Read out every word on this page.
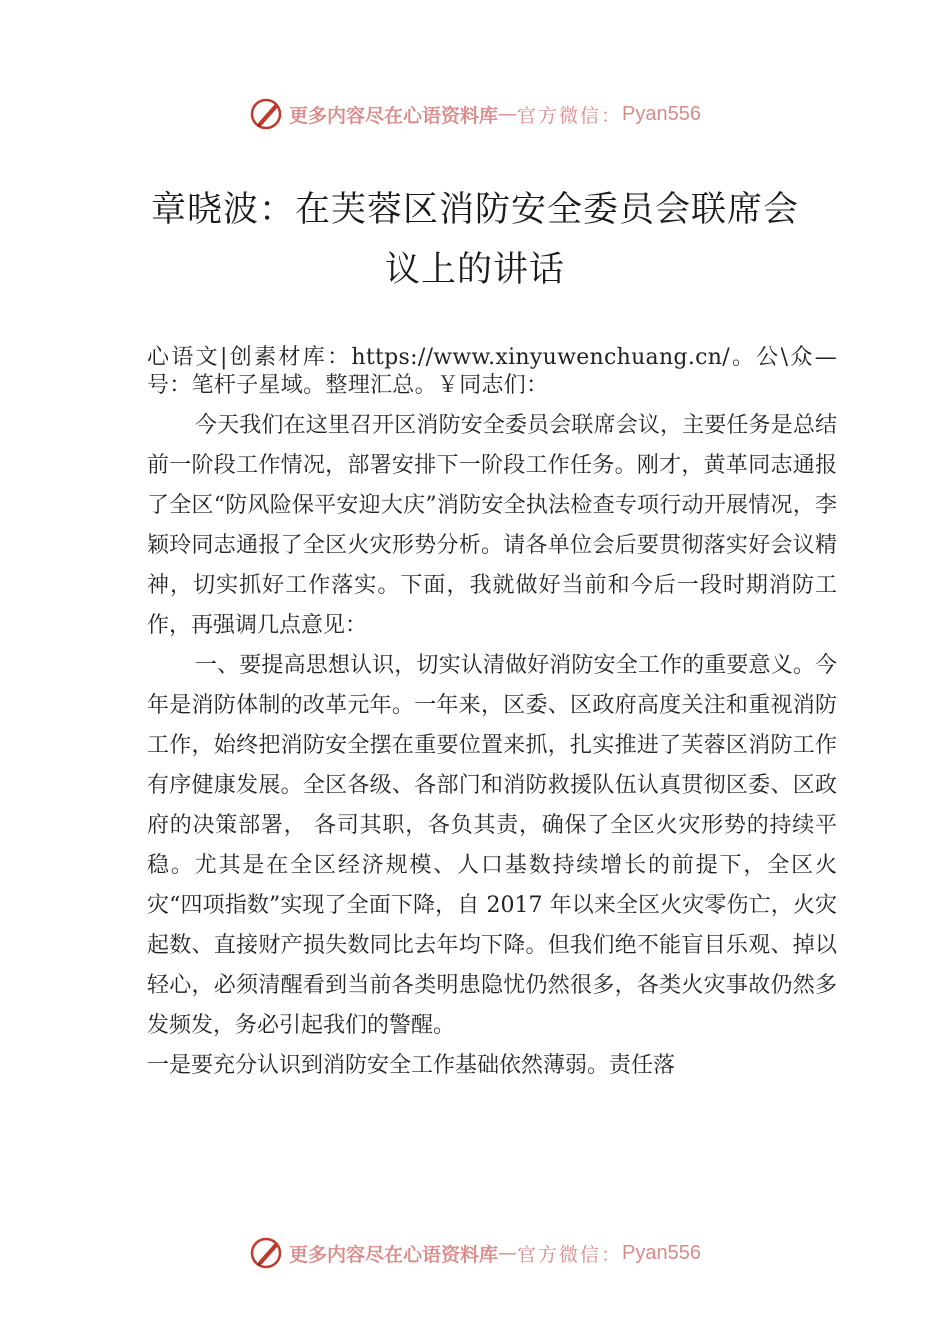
更多内容尽在心语资料库 — 官方微信： Pyan556
章晓波：在芙蓉区消防安全委员会联席会
议上的讲话

心语文|创素材库：https://www.xinyuwenchuang.cn/。公\众—号：笔杆子星域。整理汇总。￥同志们：

今天我们在这里召开区消防安全委员会联席会议，主要任务是总结前一阶段工作情况，部署安排下一阶段工作任务。刚才，黄革同志通报了全区“防风险保平安迎大庆”消防安全执法检查专项行动开展情况，李颖玲同志通报了全区火灾形势分析。请各单位会后要贯彻落实好会议精神，切实抓好工作落实。下面，我就做好当前和今后一段时期消防工作，再强调几点意见：

一、要提高思想认识，切实认清做好消防安全工作的重要意义。今年是消防体制的改革元年。一年来，区委、区政府高度关注和重视消防工作，始终把消防安全摆在重要位置来抓，扎实推进了芙蓉区消防工作有序健康发展。全区各级、各部门和消防救援队伍认真贯彻区委、区政府的决策部署， 各司其职，各负其责，确保了全区火灾形势的持续平稳。尤其是在全区经济规模、人口基数持续增长的前提下，全区火灾“四项指数”实现了全面下降，自 2017 年以来全区火灾零伤亡，火灾起数、直接财产损失数同比去年均下降。但我们绝不能盲目乐观、掉以轻心，必须清醒看到当前各类明患隐忧仍然很多，各类火灾事故仍然多发频发，务必引起我们的警醒。

一是要充分认识到消防安全工作基础依然薄弱。责任落

更多内容尽在心语资料库 — 官方微信： Pyan556
